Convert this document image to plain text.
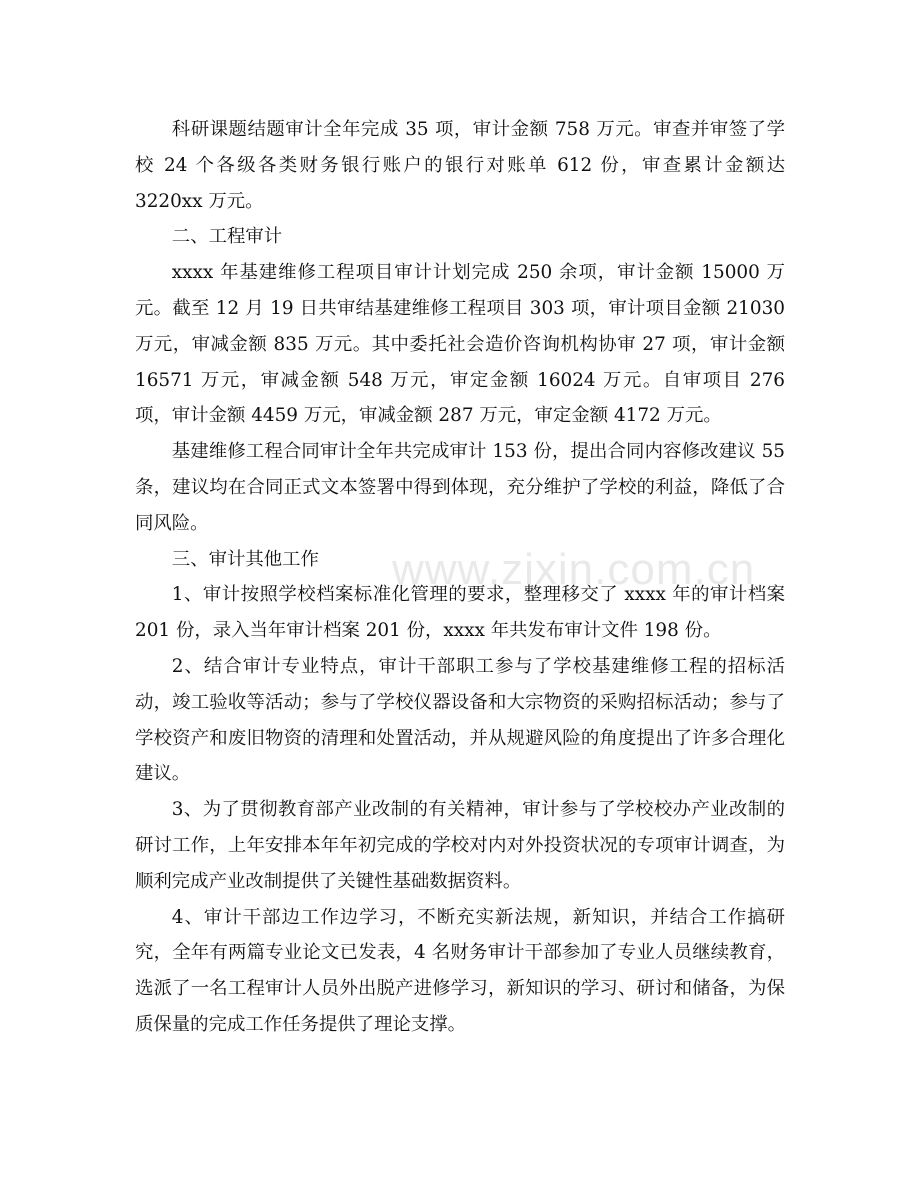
科研课题结题审计全年完成 35 项，审计金额 758 万元。审查并审签了学校 24 个各级各类财务银行账户的银行对账单 612 份，审查累计金额达 3220xx 万元。

二、工程审计

xxxx 年基建维修工程项目审计计划完成 250 余项，审计金额 15000 万元。截至 12 月 19 日共审结基建维修工程项目 303 项，审计项目金额 21030 万元，审减金额 835 万元。其中委托社会造价咨询机构协审 27 项，审计金额 16571 万元，审减金额 548 万元，审定金额 16024 万元。自审项目 276 项，审计金额 4459 万元，审减金额 287 万元，审定金额 4172 万元。

基建维修工程合同审计全年共完成审计 153 份，提出合同内容修改建议 55 条，建议均在合同正式文本签署中得到体现，充分维护了学校的利益，降低了合同风险。

三、审计其他工作

1、审计按照学校档案标准化管理的要求，整理移交了 xxxx 年的审计档案 201 份，录入当年审计档案 201 份，xxxx 年共发布审计文件 198 份。

2、结合审计专业特点，审计干部职工参与了学校基建维修工程的招标活动，竣工验收等活动；参与了学校仪器设备和大宗物资的采购招标活动；参与了学校资产和废旧物资的清理和处置活动，并从规避风险的角度提出了许多合理化建议。

3、为了贯彻教育部产业改制的有关精神，审计参与了学校校办产业改制的研讨工作，上年安排本年年初完成的学校对内对外投资状况的专项审计调查，为顺利完成产业改制提供了关键性基础数据资料。

4、审计干部边工作边学习，不断充实新法规，新知识，并结合工作搞研究，全年有两篇专业论文已发表，4 名财务审计干部参加了专业人员继续教育，选派了一名工程审计人员外出脱产进修学习，新知识的学习、研讨和储备，为保质保量的完成工作任务提供了理论支撑。

www.zixin.com.cn
